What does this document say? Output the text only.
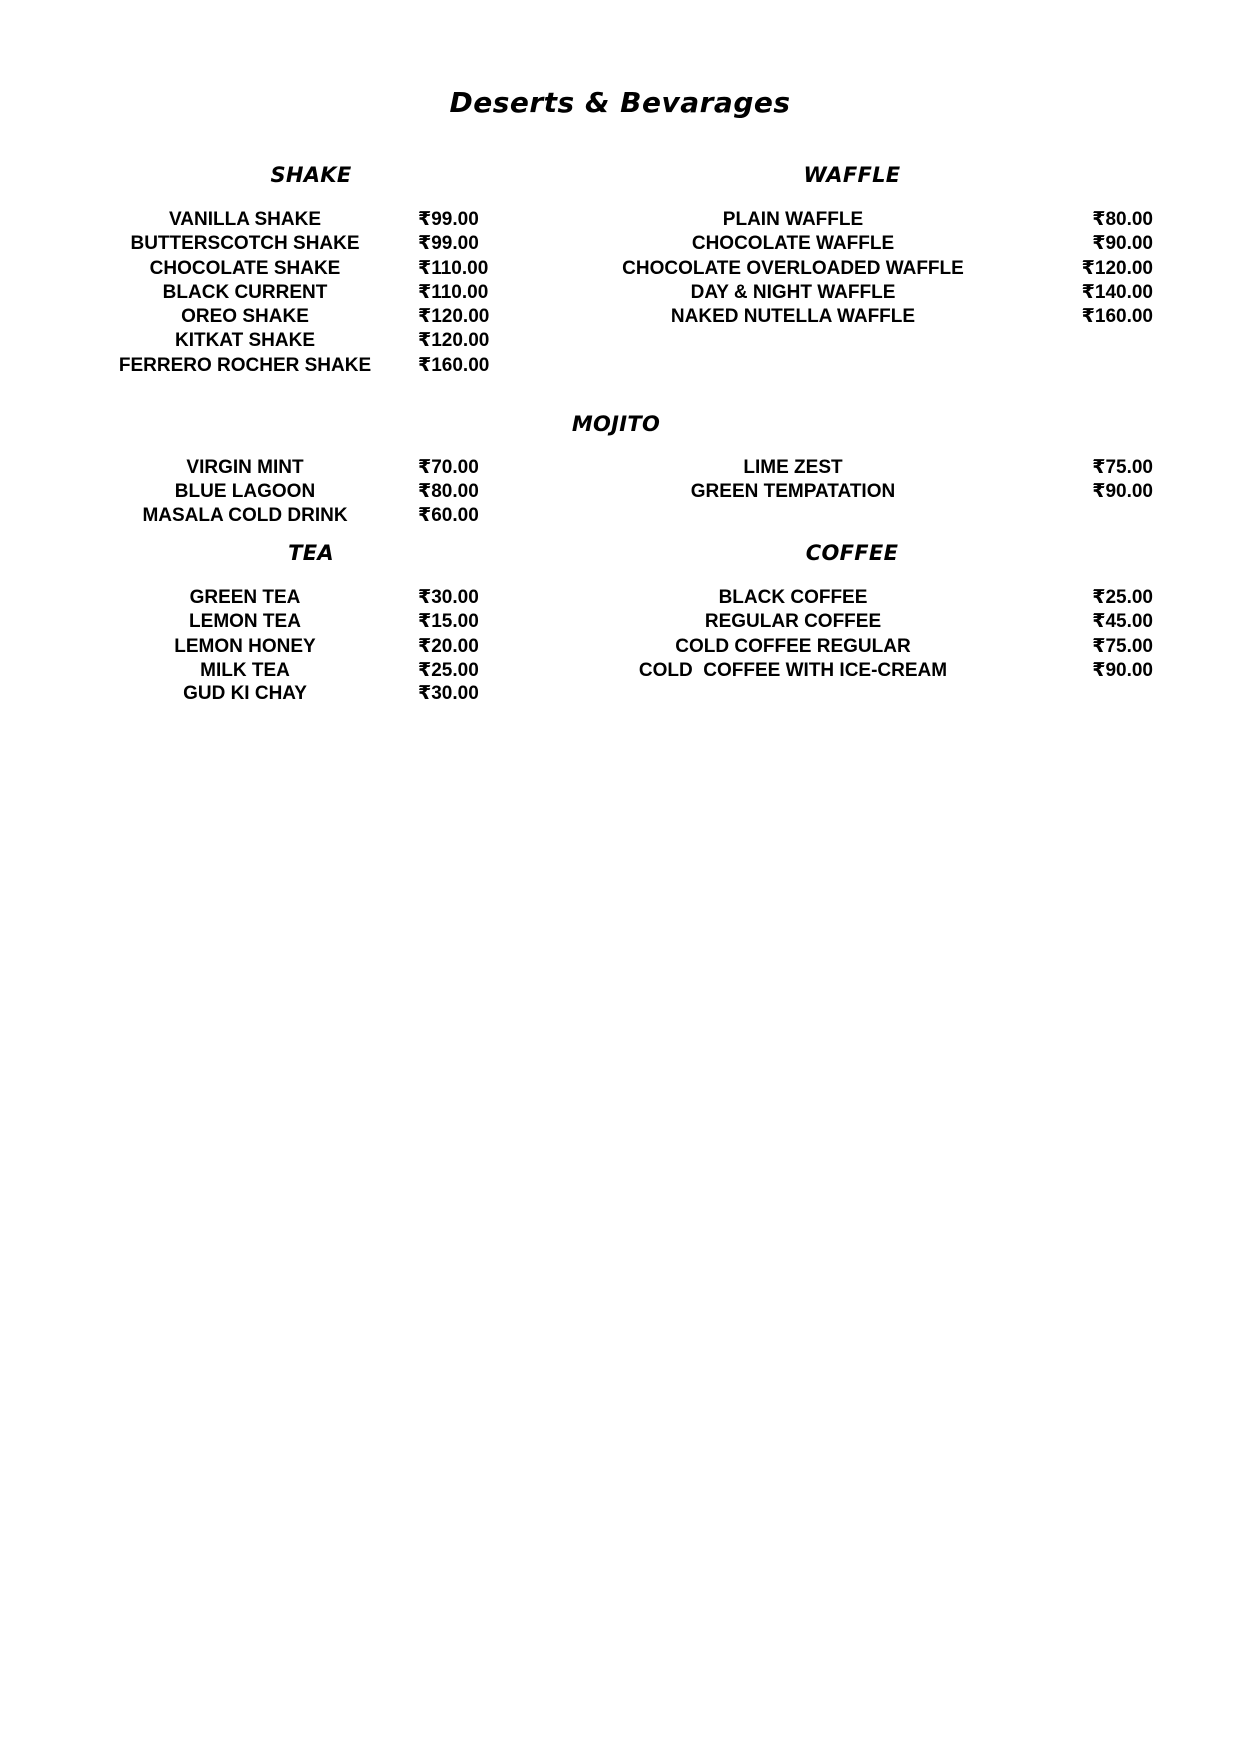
Deserts & Bevarages
SHAKE
VANILLA SHAKE	₹99.00
BUTTERSCOTCH SHAKE	₹99.00
CHOCOLATE SHAKE	₹110.00
BLACK CURRENT	₹110.00
OREO SHAKE	₹120.00
KITKAT SHAKE	₹120.00
FERRERO ROCHER SHAKE	₹160.00
WAFFLE
PLAIN WAFFLE	₹80.00
CHOCOLATE WAFFLE	₹90.00
CHOCOLATE OVERLOADED WAFFLE	₹120.00
DAY & NIGHT WAFFLE	₹140.00
NAKED NUTELLA WAFFLE	₹160.00
MOJITO
VIRGIN MINT	₹70.00
BLUE LAGOON	₹80.00
MASALA COLD DRINK	₹60.00
LIME ZEST	₹75.00
GREEN TEMPATATION	₹90.00
TEA
GREEN TEA	₹30.00
LEMON TEA	₹15.00
LEMON HONEY	₹20.00
MILK TEA	₹25.00
GUD KI CHAY	₹30.00
COFFEE
BLACK COFFEE	₹25.00
REGULAR COFFEE	₹45.00
COLD COFFEE REGULAR	₹75.00
COLD  COFFEE WITH ICE-CREAM	₹90.00
